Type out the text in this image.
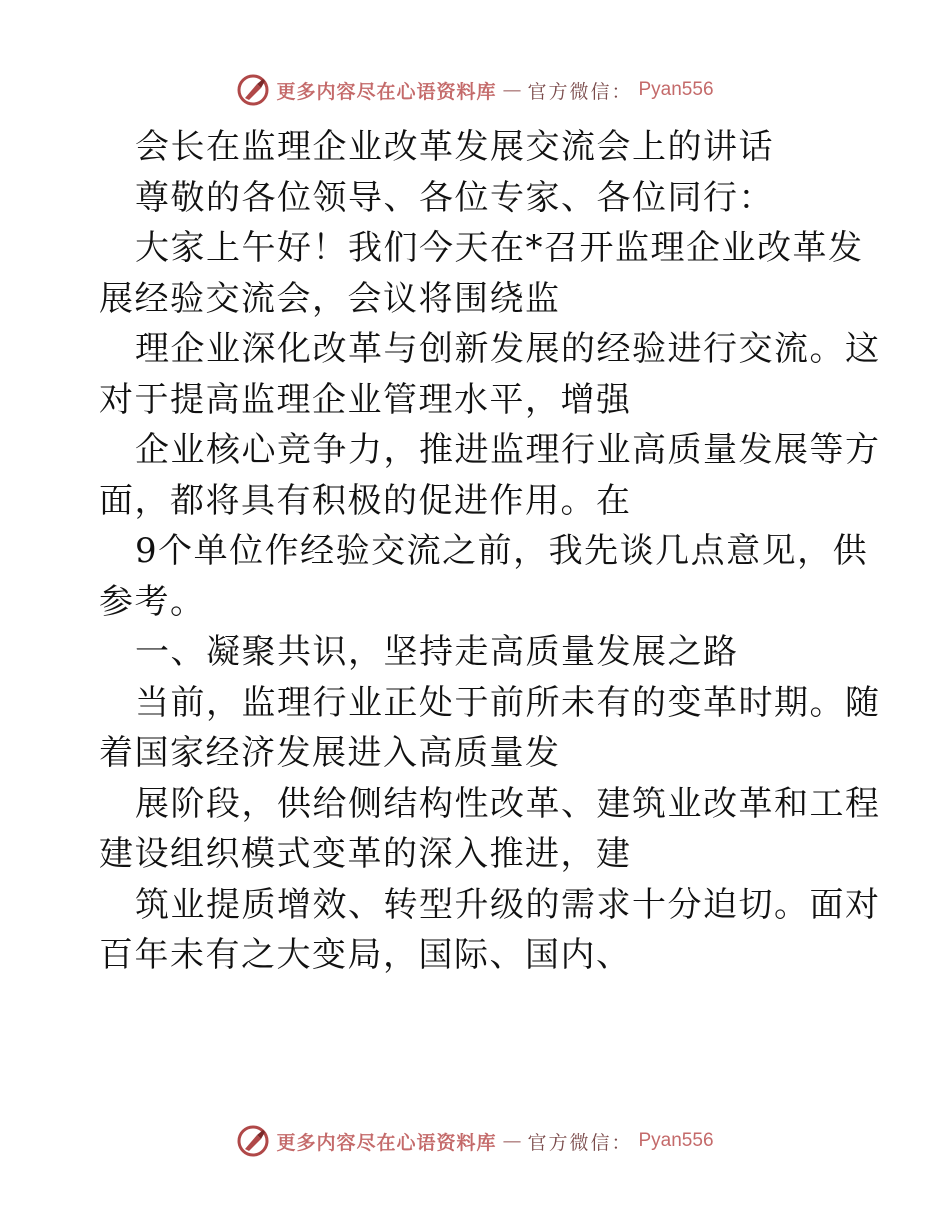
更多内容尽在心语资料库 — 官方微信： Pyan556
会长在监理企业改革发展交流会上的讲话
尊敬的各位领导、各位专家、各位同行：
大家上午好！我们今天在*召开监理企业改革发
展经验交流会，会议将围绕监
理企业深化改革与创新发展的经验进行交流。这
对于提高监理企业管理水平，增强
企业核心竞争力，推进监理行业高质量发展等方
面，都将具有积极的促进作用。在
9个单位作经验交流之前，我先谈几点意见，供
参考。
一、凝聚共识，坚持走高质量发展之路
当前，监理行业正处于前所未有的变革时期。随
着国家经济发展进入高质量发
展阶段，供给侧结构性改革、建筑业改革和工程
建设组织模式变革的深入推进，建
筑业提质增效、转型升级的需求十分迫切。面对
百年未有之大变局，国际、国内、
更多内容尽在心语资料库 — 官方微信： Pyan556
